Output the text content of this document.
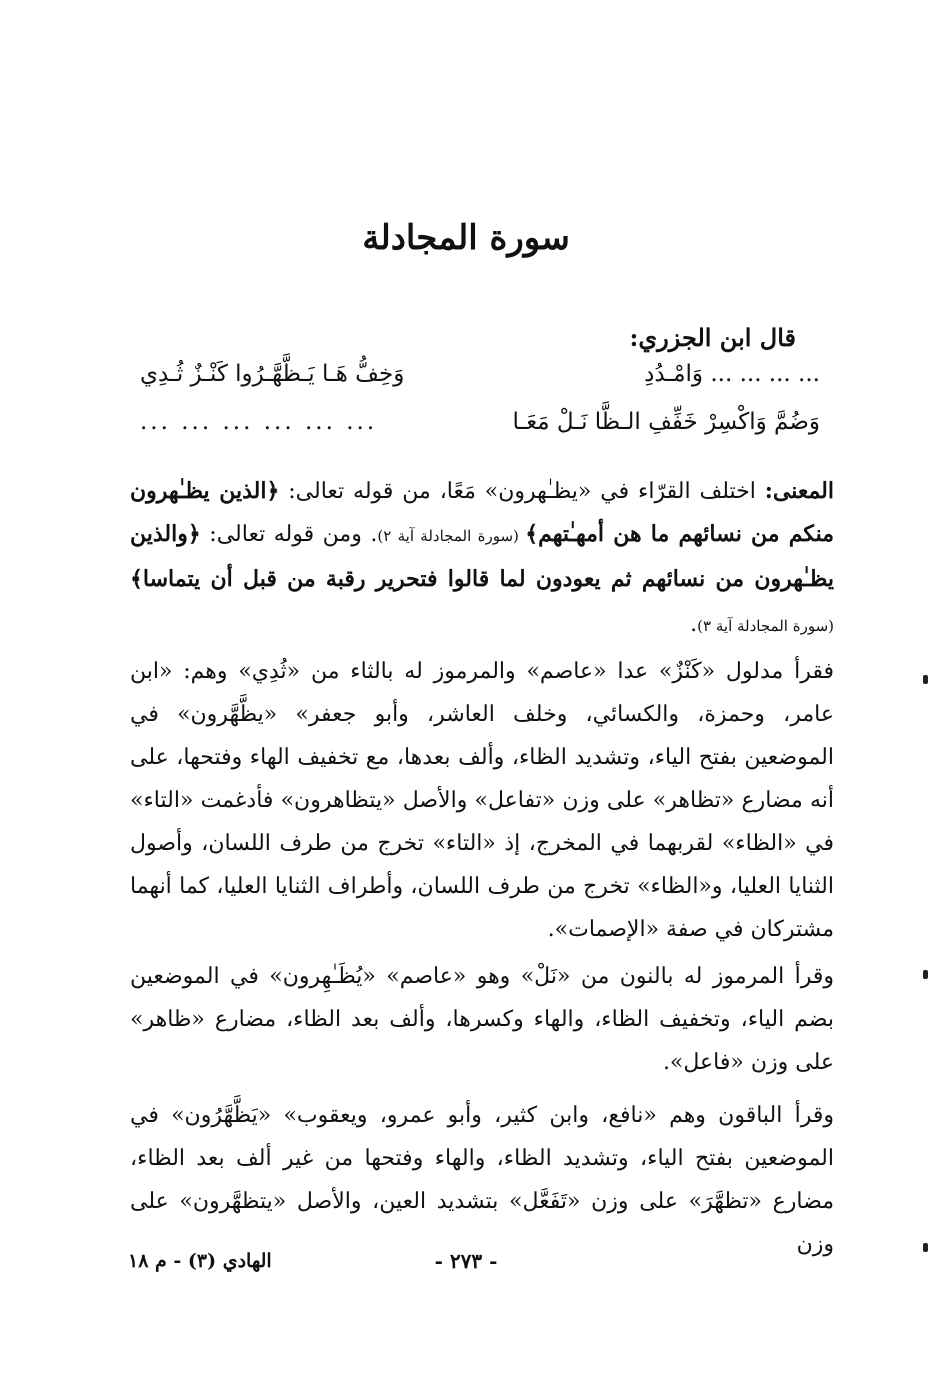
سورة المجادلة

قال ابن الجزري:

... ... ... ... وَامْـدُدِ
وَخِفُّ هَـا يَـظَّهَّـرُوا كَنْـزٌ ثُـدِي
وَضُمَّ وَاكْسِرْ خَفِّفِ الـظَّا نَـلْ مَعَـا
... ... ... ... ... ...

المعنى: اختلف القرّاء في «يظـٰهرون» مَعًا، من قوله تعالى: ﴿الذين يظـٰهرون منكم من نسائهم ما هن أمهـٰتهم﴾ (سورة المجادلة آية ٢). ومن قوله تعالى: ﴿والذين يظـٰهرون من نسائهم ثم يعودون لما قالوا فتحرير رقبة من قبل أن يتماسا﴾ (سورة المجادلة آية ٣).

فقرأ مدلول «كَنْزٌ» عدا «عاصم» والمرموز له بالثاء من «ثُدِي» وهم: «ابن عامر، وحمزة، والكسائي، وخلف العاشر، وأبو جعفر» «يظَّهَّرون» في الموضعين بفتح الياء، وتشديد الظاء، وألف بعدها، مع تخفيف الهاء وفتحها، على أنه مضارع «تظاهر» على وزن «تفاعل» والأصل «يتظاهرون» فأدغمت «التاء» في «الظاء» لقربهما في المخرج، إذ «التاء» تخرج من طرف اللسان، وأصول الثنايا العليا، و«الظاء» تخرج من طرف اللسان، وأطراف الثنايا العليا، كما أنهما مشتركان في صفة «الإصمات».

وقرأ المرموز له بالنون من «نَلْ» وهو «عاصم» «يُظَـٰهِرون» في الموضعين بضم الياء، وتخفيف الظاء، والهاء وكسرها، وألف بعد الظاء، مضارع «ظاهر» على وزن «فاعل».

وقرأ الباقون وهم «نافع، وابن كثير، وأبو عمرو، ويعقوب» «يَظَّهَّرُون» في الموضعين بفتح الياء، وتشديد الظاء، والهاء وفتحها من غير ألف بعد الظاء، مضارع «تظهَّرَ» على وزن «تَفَعَّل» بتشديد العين، والأصل «يتظهَّرون» على وزن

- ٢٧٣ -
الهادي (٣) - م ١٨
